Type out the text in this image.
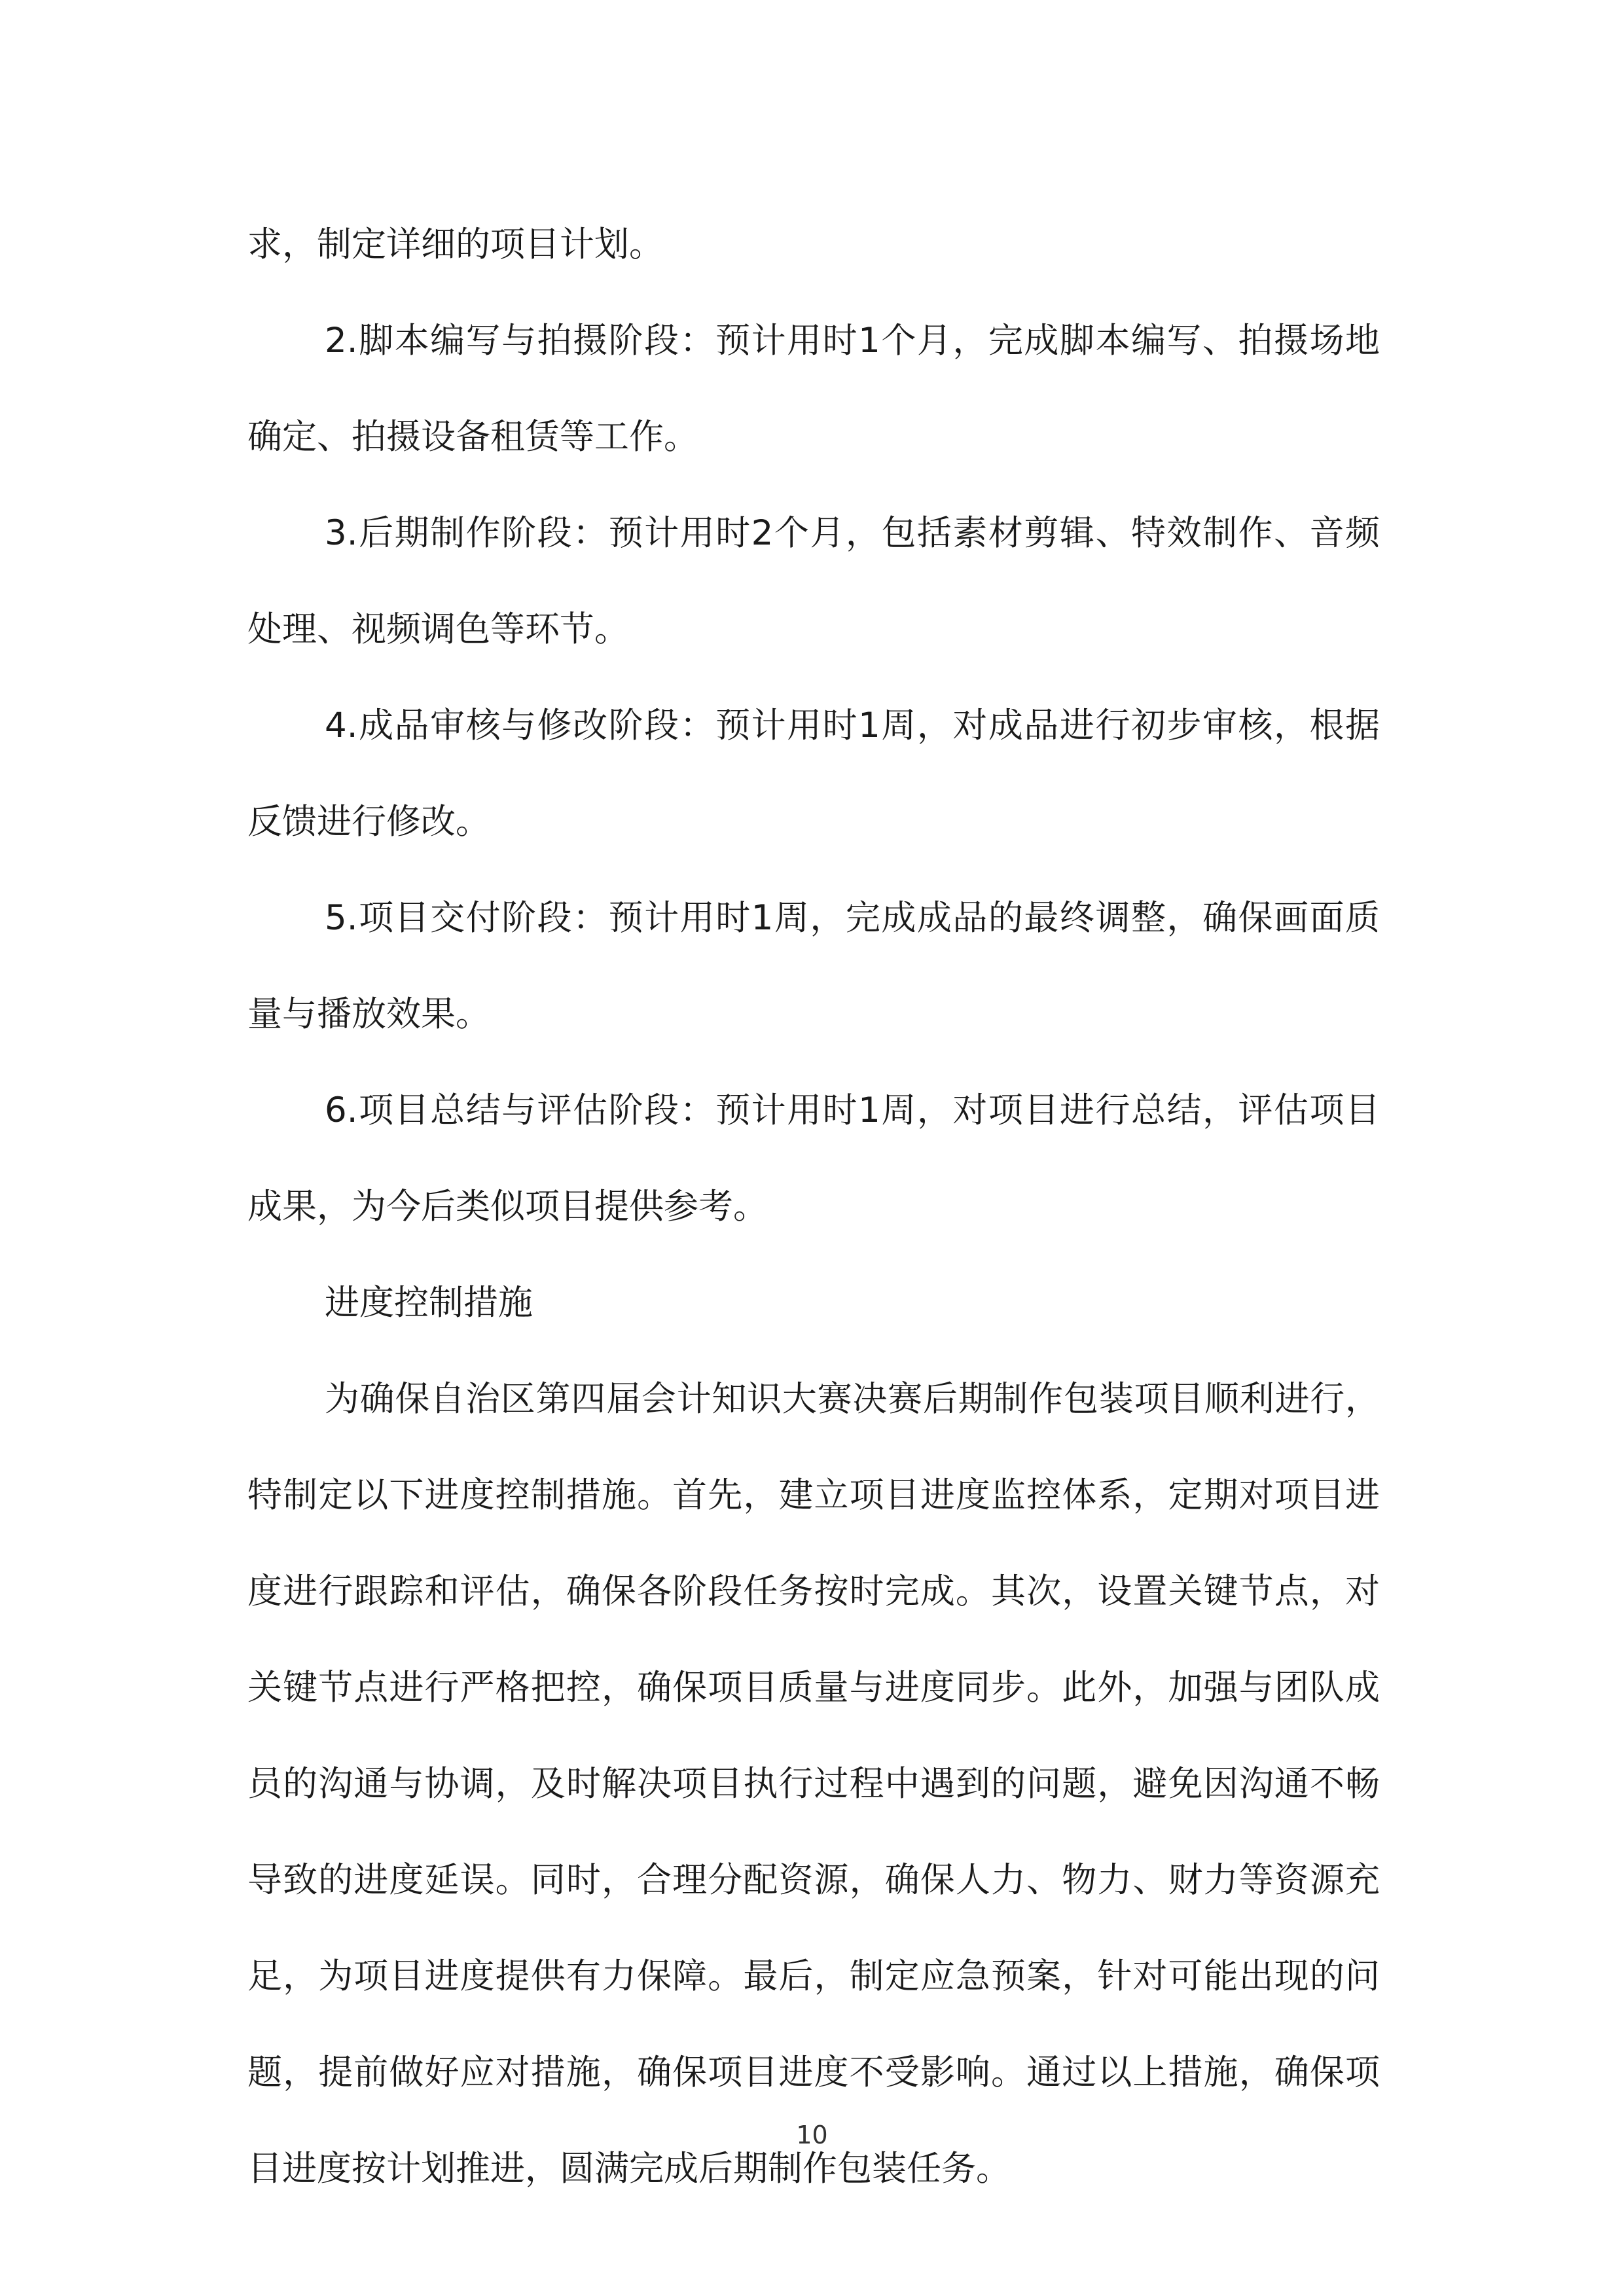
求，制定详细的项目计划。

2.脚本编写与拍摄阶段：预计用时1个月，完成脚本编写、拍摄场地确定、拍摄设备租赁等工作。

3.后期制作阶段：预计用时2个月，包括素材剪辑、特效制作、音频处理、视频调色等环节。

4.成品审核与修改阶段：预计用时1周，对成品进行初步审核，根据反馈进行修改。

5.项目交付阶段：预计用时1周，完成成品的最终调整，确保画面质量与播放效果。

6.项目总结与评估阶段：预计用时1周，对项目进行总结，评估项目成果，为今后类似项目提供参考。

进度控制措施

为确保自治区第四届会计知识大赛决赛后期制作包装项目顺利进行，特制定以下进度控制措施。首先，建立项目进度监控体系，定期对项目进度进行跟踪和评估，确保各阶段任务按时完成。其次，设置关键节点，对关键节点进行严格把控，确保项目质量与进度同步。此外，加强与团队成员的沟通与协调，及时解决项目执行过程中遇到的问题，避免因沟通不畅导致的进度延误。同时，合理分配资源，确保人力、物力、财力等资源充足，为项目进度提供有力保障。最后，制定应急预案，针对可能出现的问题，提前做好应对措施，确保项目进度不受影响。通过以上措施，确保项目进度按计划推进，圆满完成后期制作包装任务。

10
